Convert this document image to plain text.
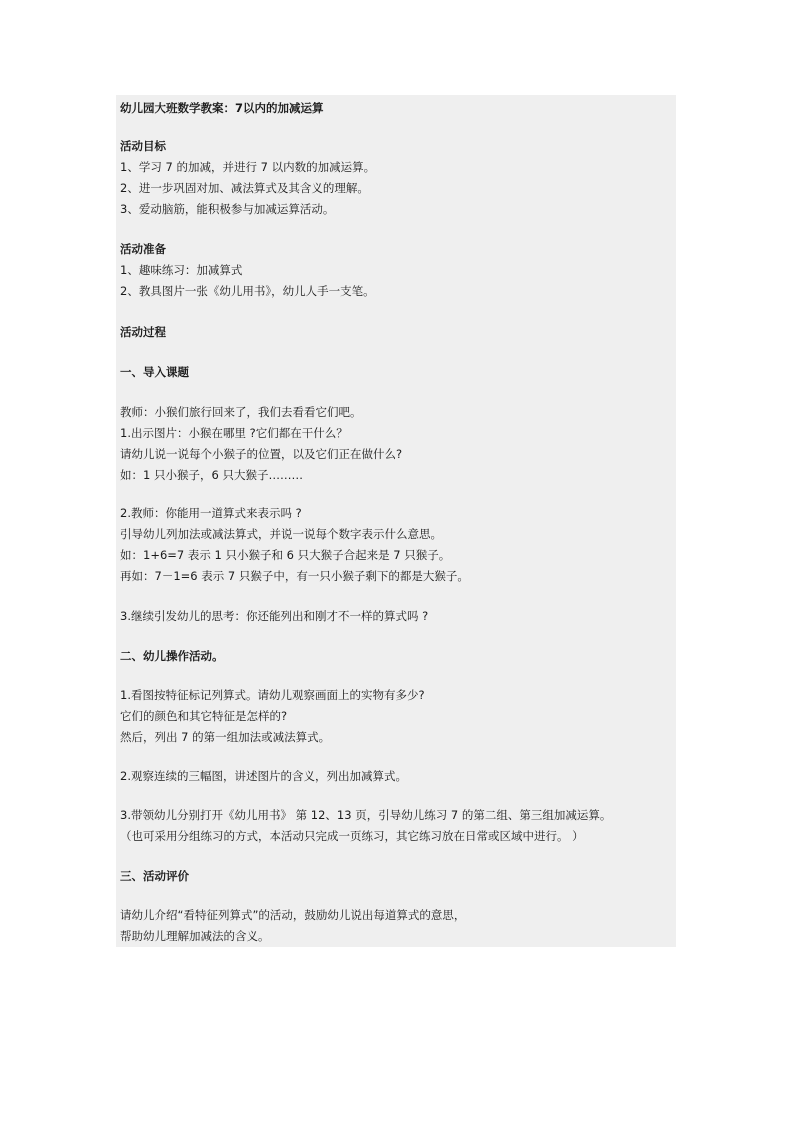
幼儿园大班数学教案：7以内的加减运算
活动目标
1、学习 7 的加减，并进行 7 以内数的加减运算。
2、进一步巩固对加、减法算式及其含义的理解。
3、爱动脑筋，能积极参与加减运算活动。
活动准备
1、趣味练习：加减算式
2、教具图片一张《幼儿用书》，幼儿人手一支笔。
活动过程
一、导入课题
教师：小猴们旅行回来了，我们去看看它们吧。
1.出示图片：小猴在哪里 ?它们都在干什么？
请幼儿说一说每个小猴子的位置，以及它们正在做什么?
如：1 只小猴子，6 只大猴子………
2.教师：你能用一道算式来表示吗 ?
引导幼儿列加法或减法算式，并说一说每个数字表示什么意思。
如：1+6=7 表示 1 只小猴子和 6 只大猴子合起来是 7 只猴子。
再如：7－1=6 表示 7 只猴子中，有一只小猴子剩下的都是大猴子。
3.继续引发幼儿的思考：你还能列出和刚才不一样的算式吗 ?
二、幼儿操作活动。
1.看图按特征标记列算式。请幼儿观察画面上的实物有多少?
它们的颜色和其它特征是怎样的?
然后，列出 7 的第一组加法或减法算式。
2.观察连续的三幅图，讲述图片的含义，列出加减算式。
3.带领幼儿分别打开《幼儿用书》 第 12、13 页，引导幼儿练习 7 的第二组、第三组加减运算。
（也可采用分组练习的方式，本活动只完成一页练习，其它练习放在日常或区域中进行。 ）
三、活动评价
请幼儿介绍“看特征列算式”的活动，鼓励幼儿说出每道算式的意思，
帮助幼儿理解加减法的含义。
